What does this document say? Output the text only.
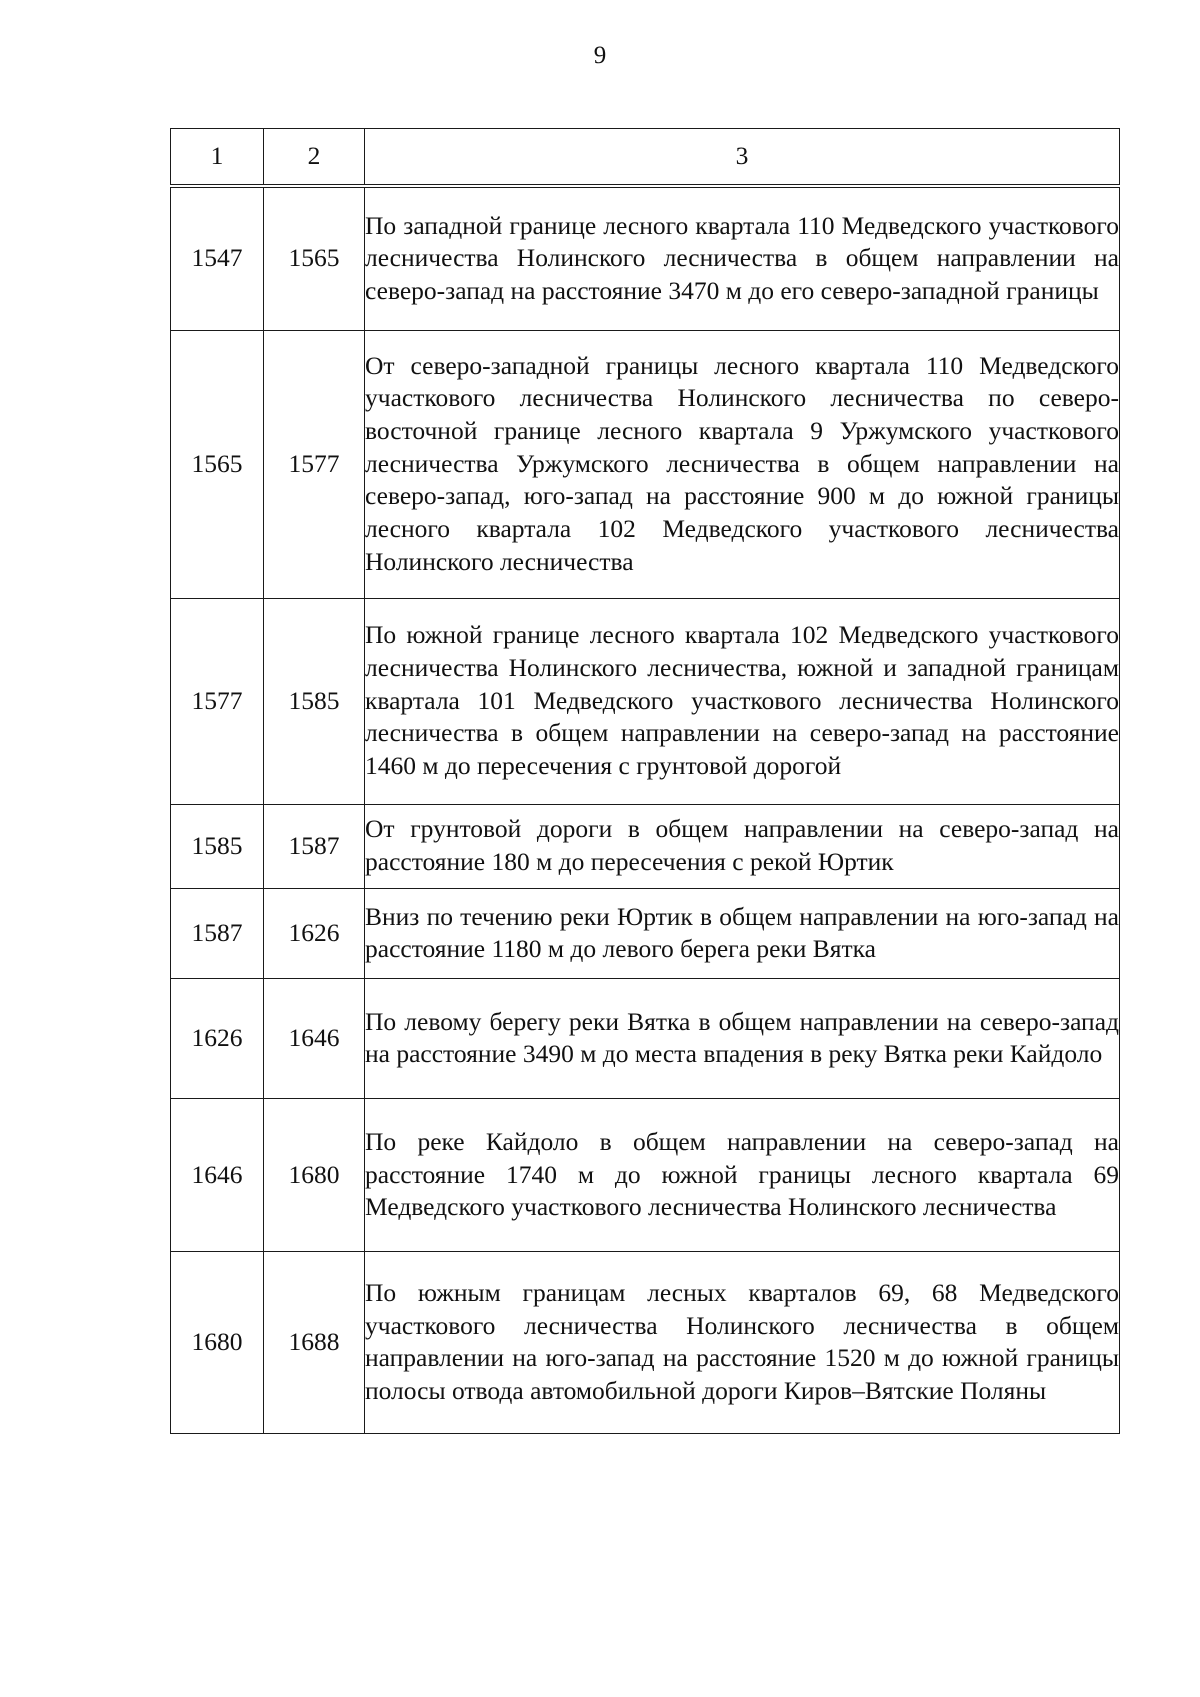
9
1	2	3
1547	1565	По западной границе лесного квартала 110 Медведского участкового лесничества Нолинского лесничества в общем направлении на северо-запад на расстояние 3470 м до его северо-западной границы
1565	1577	От северо-западной границы лесного квартала 110 Медведского участкового лесничества Нолинского лесничества по северо-восточной границе лесного квартала 9 Уржумского участкового лесничества Уржумского лесничества в общем направлении на северо-запад, юго-запад на расстояние 900 м до южной границы лесного квартала 102 Медведского участкового лесничества Нолинского лесничества
1577	1585	По южной границе лесного квартала 102 Медведского участкового лесничества Нолинского лесничества, южной и западной границам квартала 101 Медведского участкового лесничества Нолинского лесничества в общем направлении на северо-запад на расстояние 1460 м до пересечения с грунтовой дорогой
1585	1587	От грунтовой дороги в общем направлении на северо-запад на расстояние 180 м до пересечения с рекой Юртик
1587	1626	Вниз по течению реки Юртик в общем направлении на юго-запад на расстояние 1180 м до левого берега реки Вятка
1626	1646	По левому берегу реки Вятка в общем направлении на северо-запад на расстояние 3490 м до места впадения в реку Вятка реки Кайдоло
1646	1680	По реке Кайдоло в общем направлении на северо-запад на расстояние 1740 м до южной границы лесного квартала 69 Медведского участкового лесничества Нолинского лесничества
1680	1688	По южным границам лесных кварталов 69, 68 Медведского участкового лесничества Нолинского лесничества в общем направлении на юго-запад на расстояние 1520 м до южной границы полосы отвода автомобильной дороги Киров–Вятские Поляны
